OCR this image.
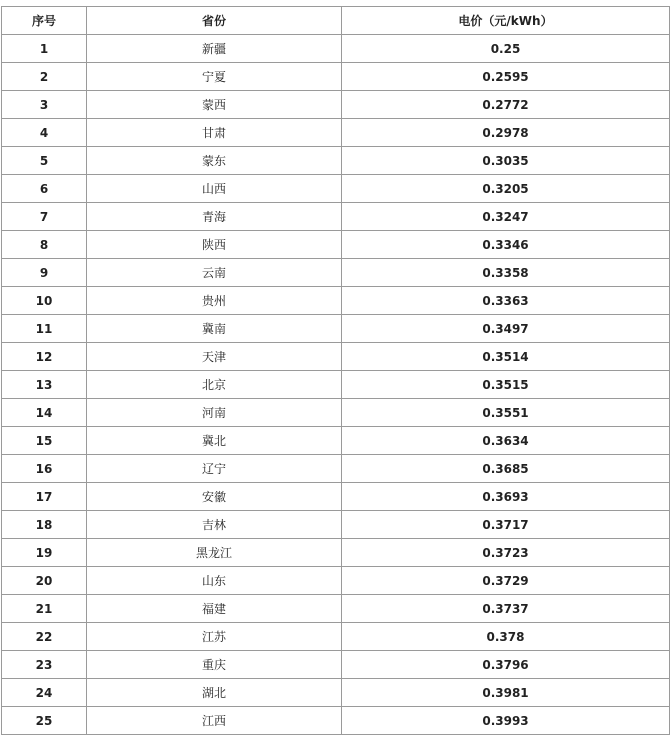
序号	省份	电价（元/kWh）
1	新疆	0.25
2	宁夏	0.2595
3	蒙西	0.2772
4	甘肃	0.2978
5	蒙东	0.3035
6	山西	0.3205
7	青海	0.3247
8	陕西	0.3346
9	云南	0.3358
10	贵州	0.3363
11	冀南	0.3497
12	天津	0.3514
13	北京	0.3515
14	河南	0.3551
15	冀北	0.3634
16	辽宁	0.3685
17	安徽	0.3693
18	吉林	0.3717
19	黑龙江	0.3723
20	山东	0.3729
21	福建	0.3737
22	江苏	0.378
23	重庆	0.3796
24	湖北	0.3981
25	江西	0.3993
